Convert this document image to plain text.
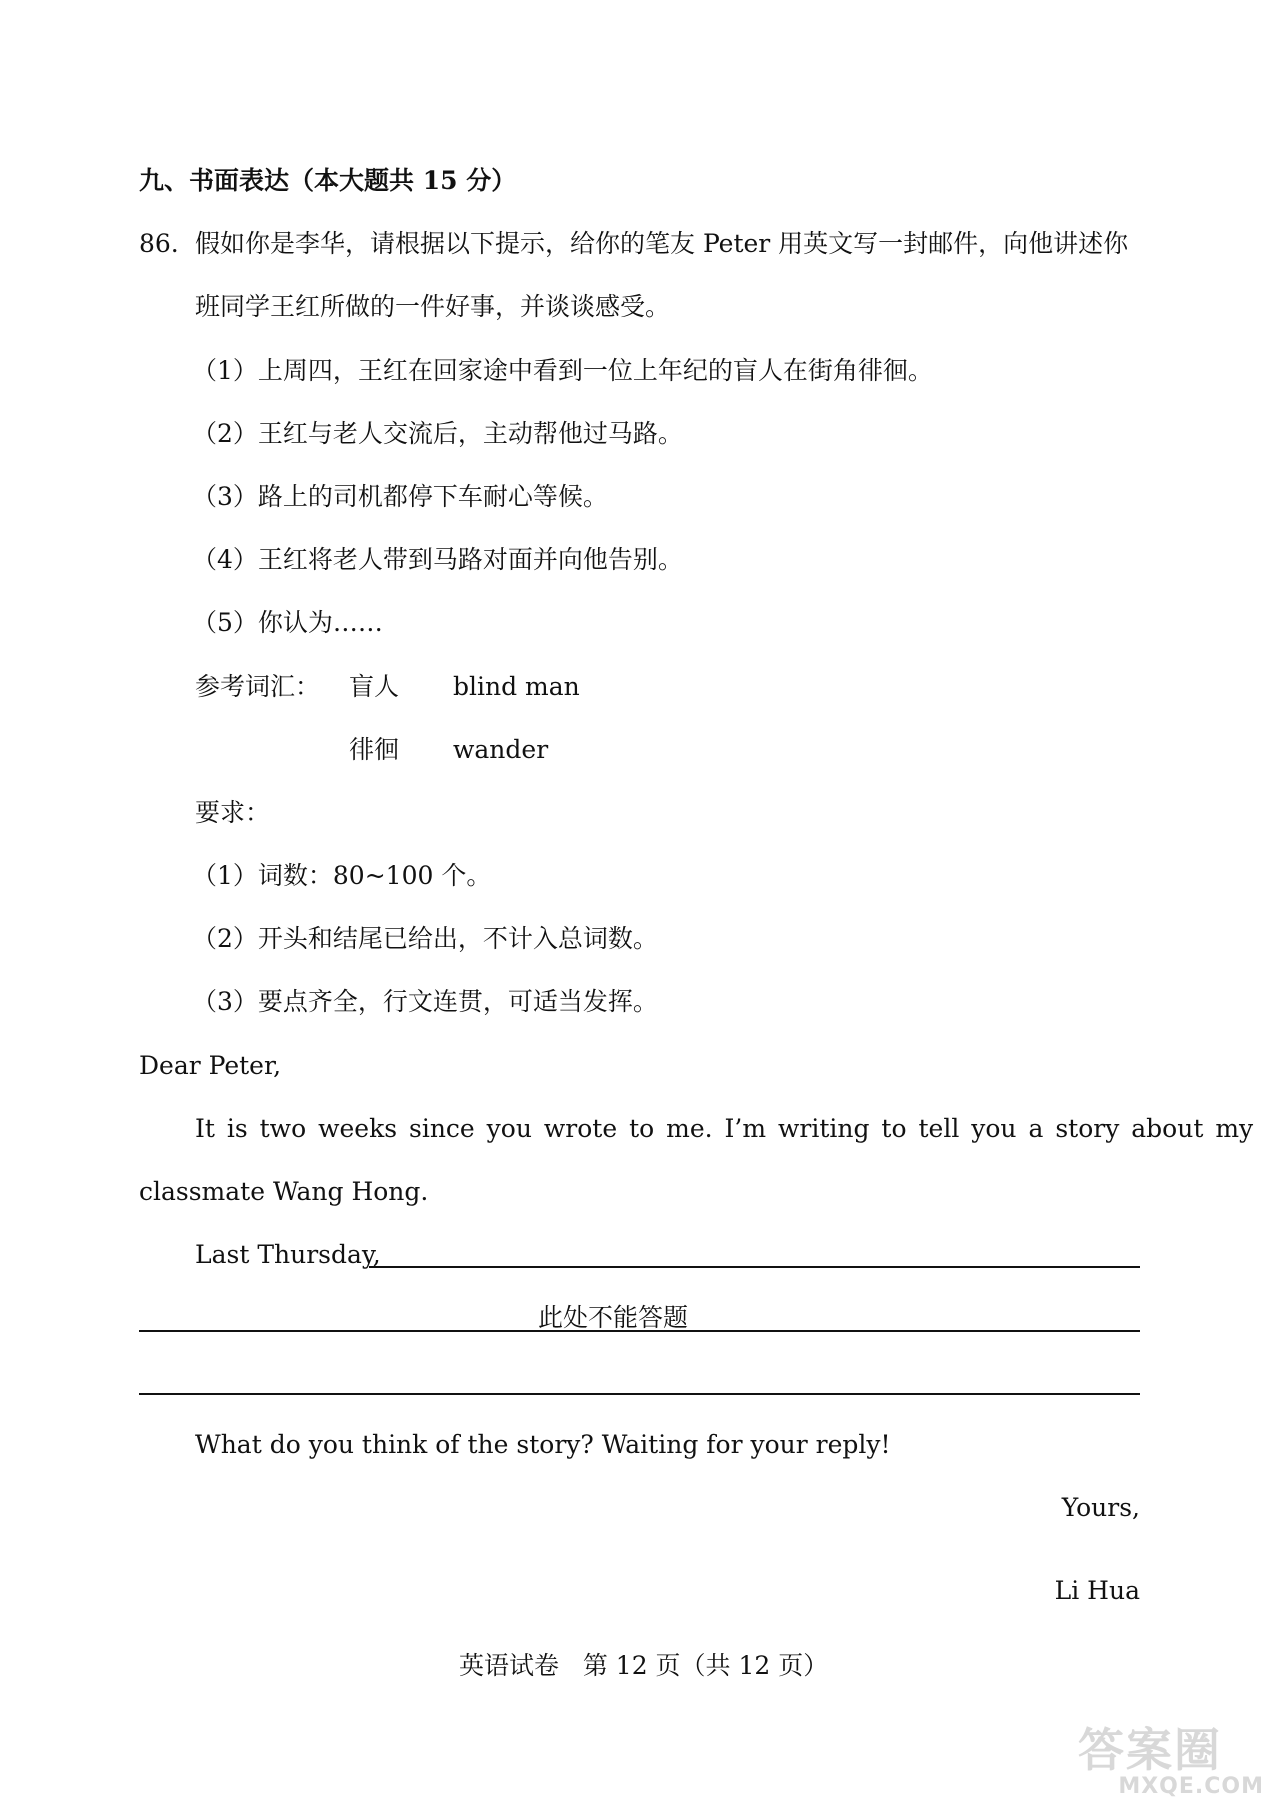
九、书面表达（本大题共 15 分）
86. 假如你是李华，请根据以下提示，给你的笔友 Peter 用英文写一封邮件，向他讲述你
班同学王红所做的一件好事，并谈谈感受。
（1）上周四，王红在回家途中看到一位上年纪的盲人在街角徘徊。
（2）王红与老人交流后，主动帮他过马路。
（3）路上的司机都停下车耐心等候。
（4）王红将老人带到马路对面并向他告别。
（5）你认为……
参考词汇： 盲人 blind man
徘徊 wander
要求：
（1）词数：80~100 个。
（2）开头和结尾已给出，不计入总词数。
（3）要点齐全，行文连贯，可适当发挥。
Dear Peter,
It is two weeks since you wrote to me. I’m writing to tell you a story about my
classmate Wang Hong.
Last Thursday,
此处不能答题
What do you think of the story? Waiting for your reply!
Yours,
Li Hua
英语试卷   第 12 页（共 12 页）
答案圈
MXQE.COM
